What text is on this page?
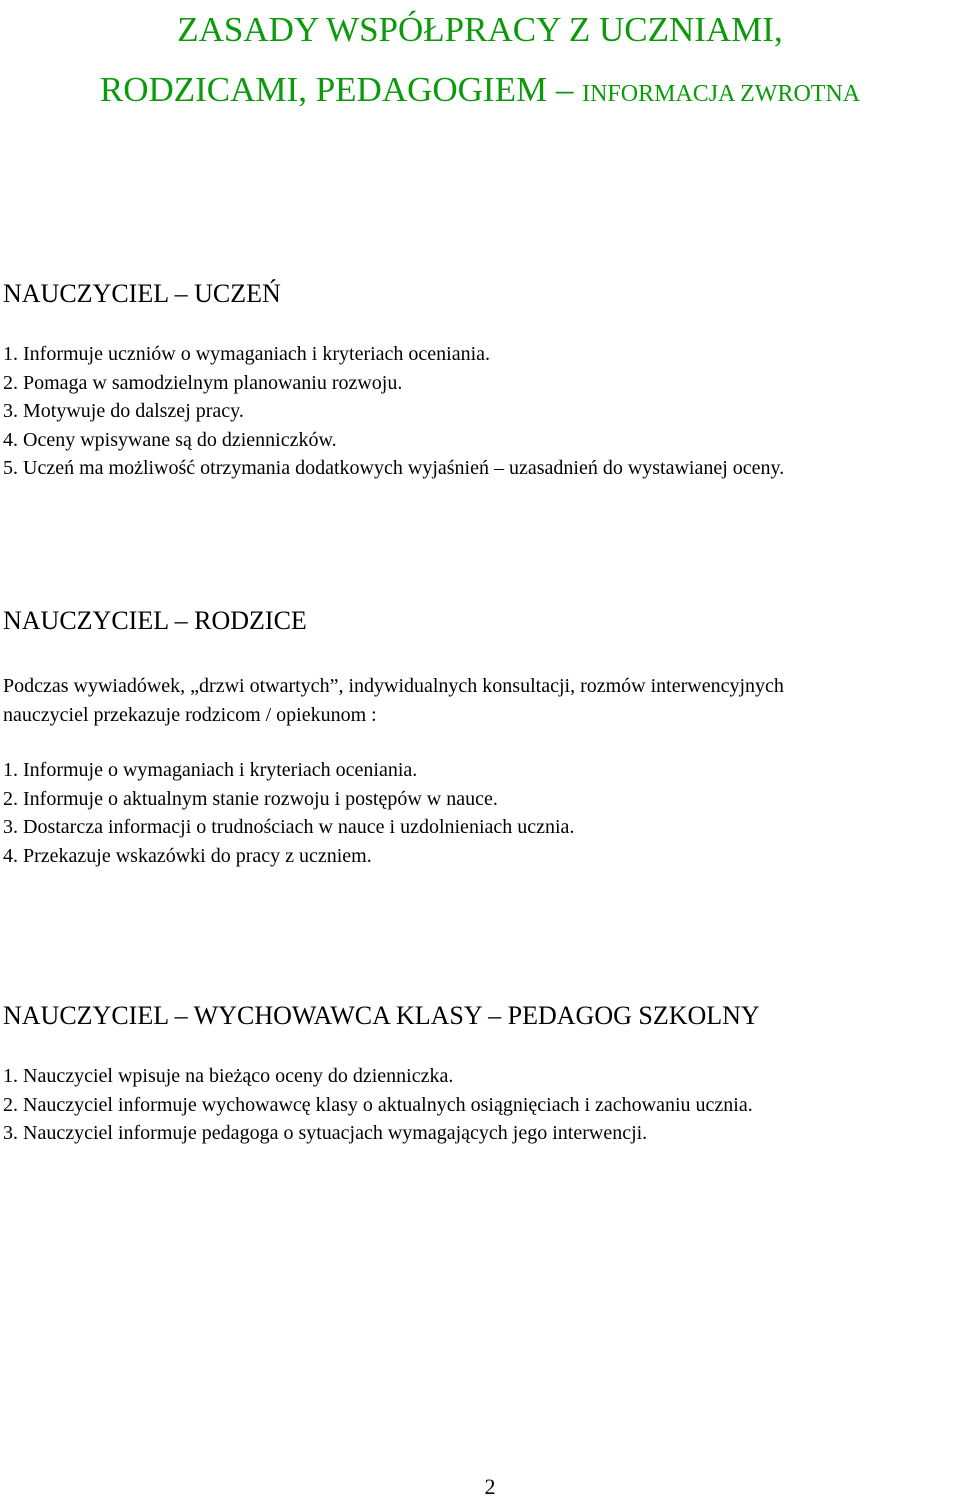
ZASADY WSPÓŁPRACY Z UCZNIAMI,
RODZICAMI, PEDAGOGIEM – INFORMACJA ZWROTNA
NAUCZYCIEL – UCZEŃ
1. Informuje uczniów o wymaganiach i kryteriach oceniania.
2. Pomaga w samodzielnym planowaniu rozwoju.
3. Motywuje do dalszej pracy.
4. Oceny wpisywane są do dzienniczków.
5. Uczeń ma możliwość otrzymania dodatkowych wyjaśnień – uzasadnień do wystawianej oceny.
NAUCZYCIEL – RODZICE

Podczas wywiadówek, „drzwi otwartych”, indywidualnych konsultacji, rozmów interwencyjnych
nauczyciel przekazuje rodzicom / opiekunom :

1. Informuje o wymaganiach i kryteriach oceniania.
2. Informuje o aktualnym stanie rozwoju i postępów w nauce.
3. Dostarcza informacji o trudnościach w nauce i uzdolnieniach ucznia.
4. Przekazuje wskazówki do pracy z uczniem.
NAUCZYCIEL – WYCHOWAWCA KLASY – PEDAGOG SZKOLNY
1. Nauczyciel wpisuje na bieżąco oceny do dzienniczka.
2. Nauczyciel informuje wychowawcę klasy o aktualnych osiągnięciach i zachowaniu ucznia.
3. Nauczyciel informuje pedagoga o sytuacjach wymagających jego interwencji.
2
